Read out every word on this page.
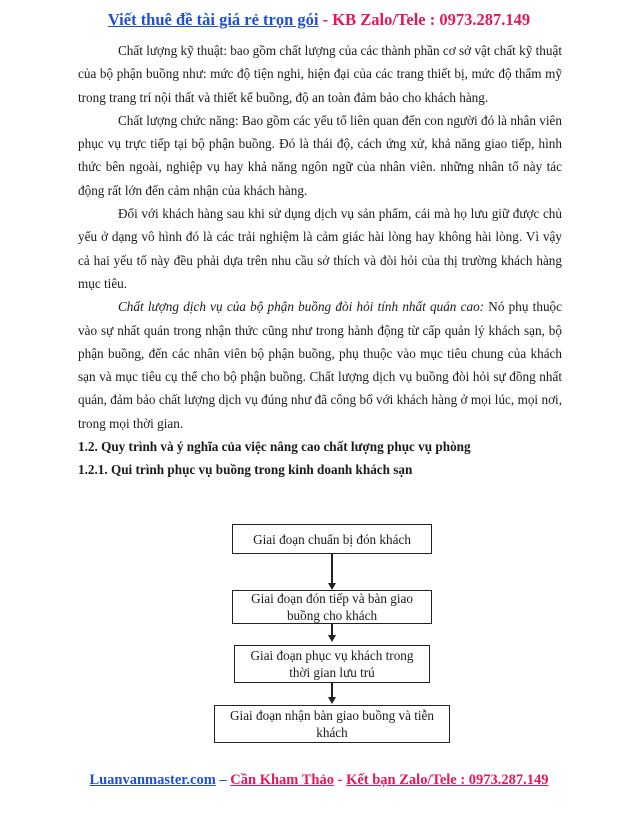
Viết thuê đề tài giá rẻ trọn gói - KB Zalo/Tele : 0973.287.149

Chất lượng kỹ thuật: bao gồm chất lượng của các thành phần cơ sở vật chất kỹ thuật của bộ phận buồng như: mức độ tiện nghi, hiện đại của các trang thiết bị, mức độ thẩm mỹ trong trang trí nội thất và thiết kế buồng, độ an toàn đảm bảo cho khách hàng.

Chất lượng chức năng: Bao gồm các yếu tố liên quan đến con người đó là nhân viên phục vụ trực tiếp tại bộ phận buồng. Đó là thái độ, cách ứng xử, khả năng giao tiếp, hình thức bên ngoài, nghiệp vụ hay khả năng ngôn ngữ của nhân viên. những nhân tố này tác động rất lớn đến cảm nhận của khách hàng.

Đối với khách hàng sau khi sử dụng dịch vụ sản phẩm, cái mà họ lưu giữ được chủ yếu ở dạng vô hình đó là các trải nghiệm là cảm giác hài lòng hay không hài lòng. Vì vậy cả hai yếu tố này đều phải dựa trên nhu cầu sở thích và đòi hỏi của thị trường khách hàng mục tiêu.

Chất lượng dịch vụ của bộ phận buồng đòi hỏi tính nhất quán cao: Nó phụ thuộc vào sự nhất quán trong nhận thức cũng như trong hành động từ cấp quản lý khách sạn, bộ phận buồng, đến các nhân viên bộ phận buồng, phụ thuộc vào mục tiêu chung của khách sạn và mục tiêu cụ thể cho bộ phận buồng. Chất lượng dịch vụ buồng đòi hỏi sự đồng nhất quán, đảm bảo chất lượng dịch vụ đúng như đã công bố với khách hàng ở mọi lúc, mọi nơi, trong mọi thời gian.

1.2. Quy trình và ý nghĩa của việc nâng cao chất lượng phục vụ phòng
1.2.1. Qui trình phục vụ buồng trong kinh doanh khách sạn
Giai đoạn chuẩn bị đón khách
Giai đoạn đón tiếp và bàn giao buồng cho khách
Giai đoạn phục vụ khách trong thời gian lưu trú
Giai đoạn nhận bàn giao buồng và tiễn khách
Luanvanmaster.com – Cần Kham Thảo - Kết bạn Zalo/Tele : 0973.287.149
